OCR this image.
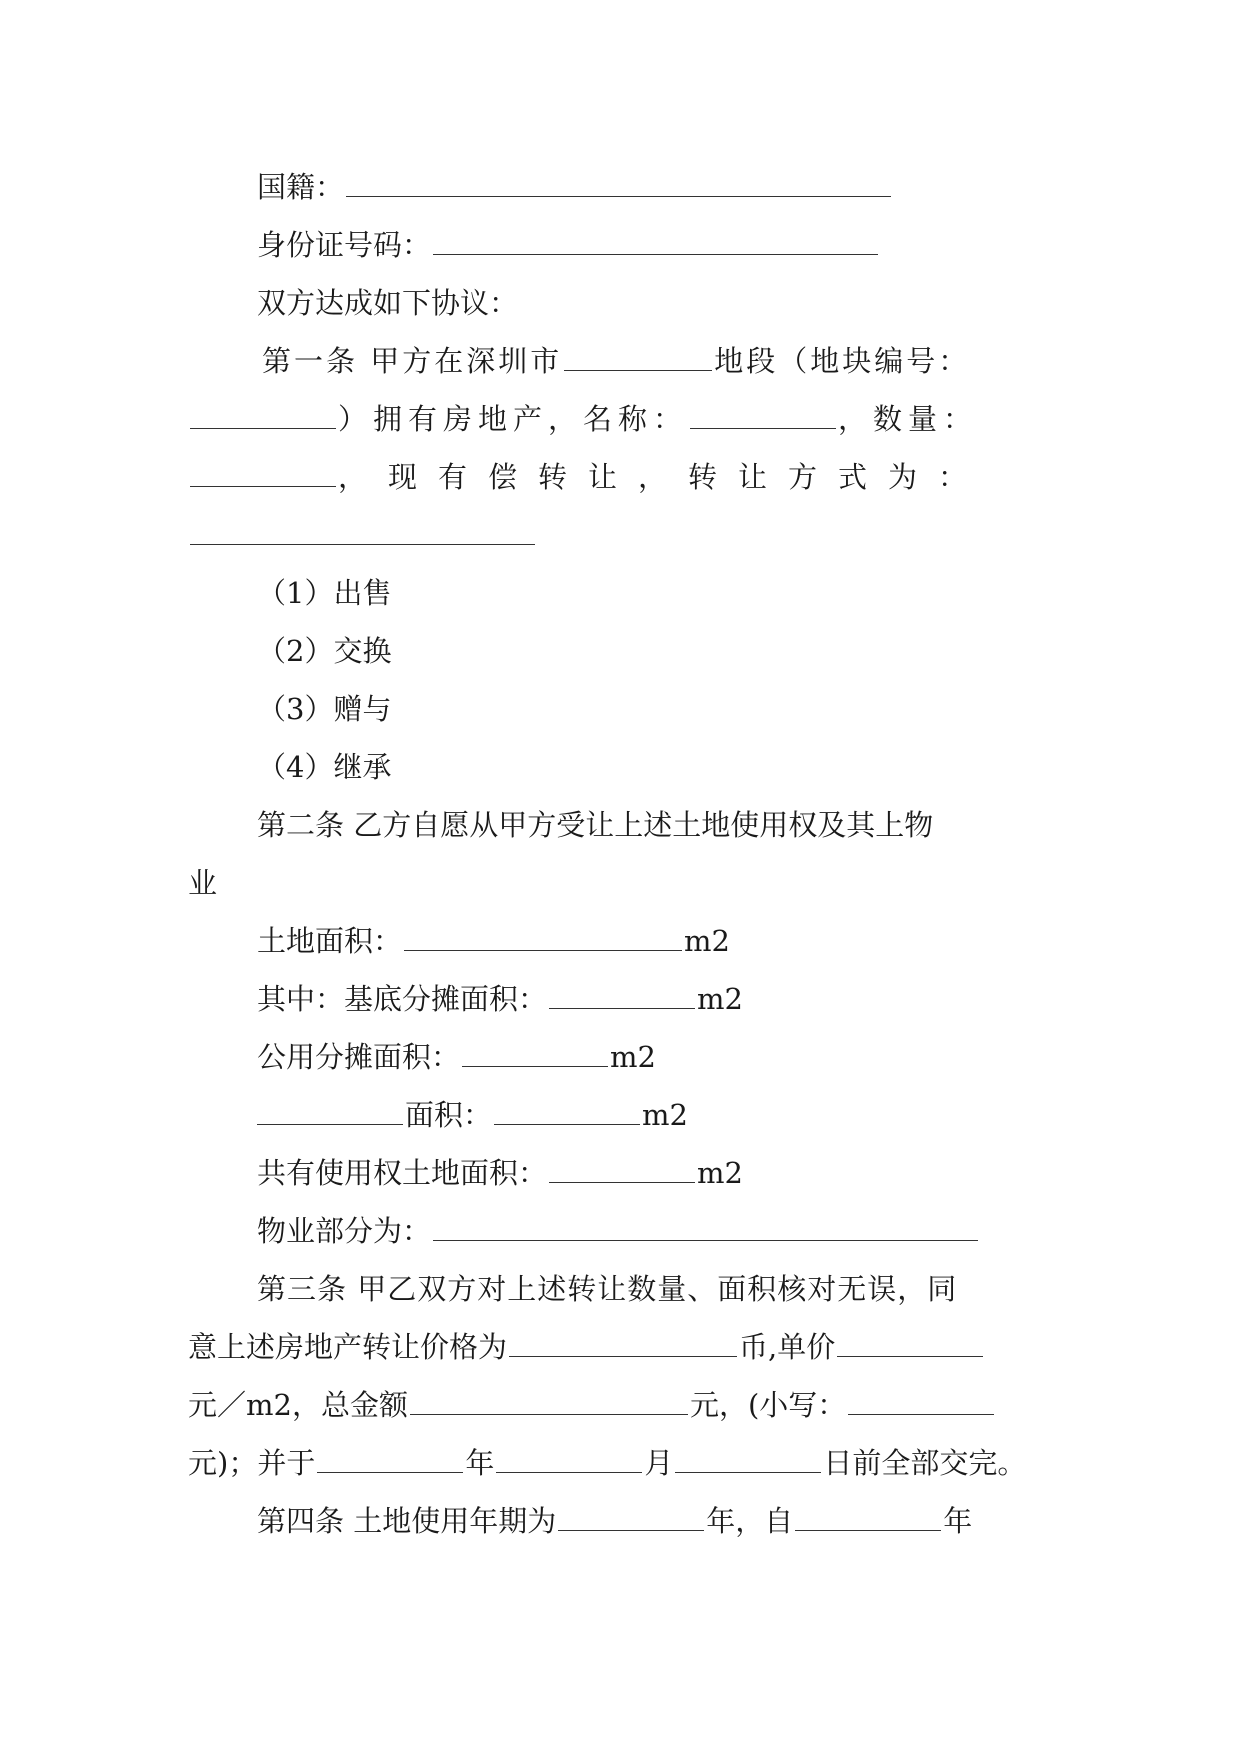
国籍：
身份证号码：
双方达成如下协议：
第一条 甲方在深圳市	地段（地块编号：
）拥有房地产，名称：	，数量：
，现有偿转让，转让方式为：
（1）出售
（2）交换
（3）赠与
（4）继承
第二条 乙方自愿从甲方受让上述土地使用权及其上物
业
土地面积：	m2
其中：基底分摊面积：	m2
公用分摊面积：	m2
面积：	m2
共有使用权土地面积：	m2
物业部分为：
第三条 甲乙双方对上述转让数量、面积核对无误，同
意上述房地产转让价格为	币,单价
元／m2，总金额	元，(小写：
元)；并于	年	月	日前全部交完。
第四条 土地使用年期为	年，自	年
